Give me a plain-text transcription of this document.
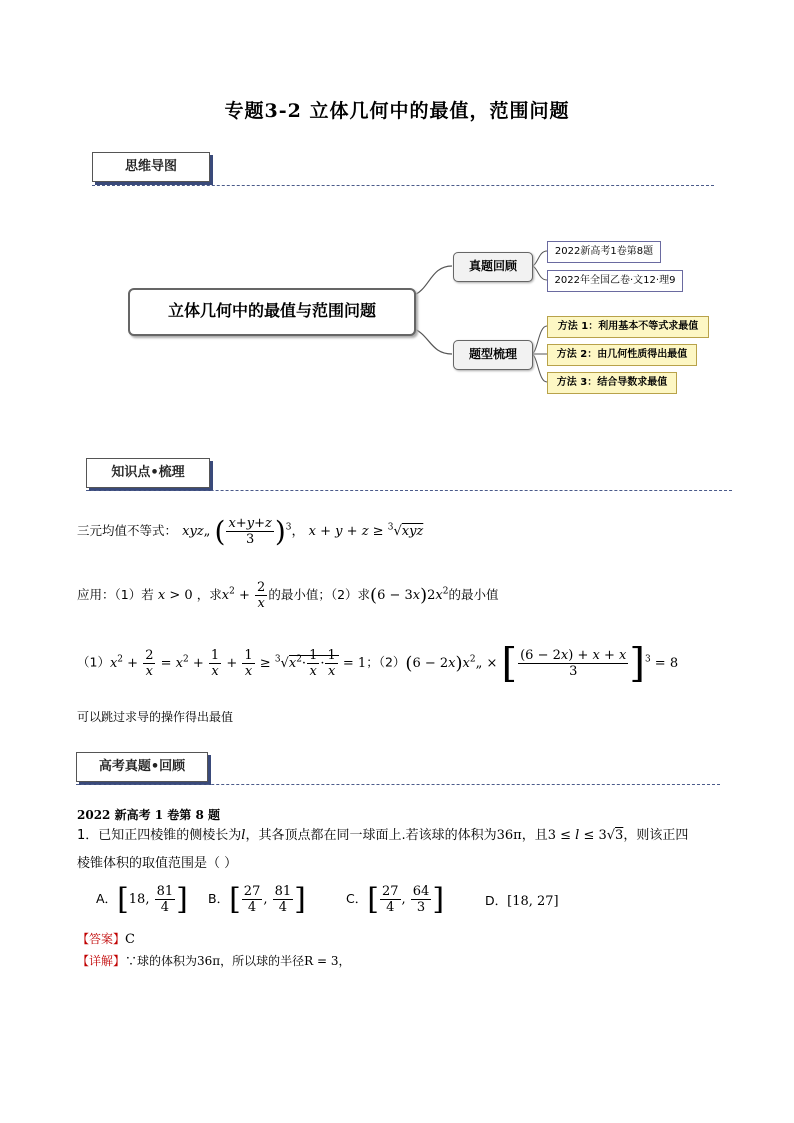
专题3-2 立体几何中的最值，范围问题
思维导图
立体几何中的最值与范围问题
真题回顾
题型梳理
2022新高考1卷第8题
2022年全国乙卷·文12·理9
方法 1：利用基本不等式求最值
方法 2：由几何性质得出最值
方法 3：结合导数求最值
知识点•梳理
三元均值不等式： xyz„ ( $\frac{x+y+z}{3} )^3$， x + y + z ≥ $^3$√xyz
应用：（1）若 x > 0 ，求$x^2 + \frac{2}{x}$ 的最小值；（2）求$(6 - 3x)2x^2$的最小值
$(1)x^2 + \frac{2}{x} = x^2 + \frac{1}{x} + \frac{1}{x} \ge ^3√x^2\cdot \frac{1}{x} \cdot \frac{1}{x} = 1$；$(2)(6 - 2x)x^2„$ × [ $\frac{(6 - 2x) + x + x}{3} ]^3 = 8$
可以跳过求导的操作得出最值
高考真题•回顾
2022 新高考 1 卷第 8 题
1．已知正四棱锥的侧棱长为l，其各顶点都在同一球面上.若该球的体积为36π，且3 ≤ l ≤ 3√3，则该正四
棱锥体积的取值范围是（ ）
A．[18, $\frac{81}{4}$ ] B．[ $\frac{27}{4}$ , $\frac{81}{4}$ ]	C．[ $\frac{27}{4}$ , $\frac{64}{3}$ ]	D．[18, 27]
【答案】C
【详解】∵球的体积为36π，所以球的半径R = 3，
